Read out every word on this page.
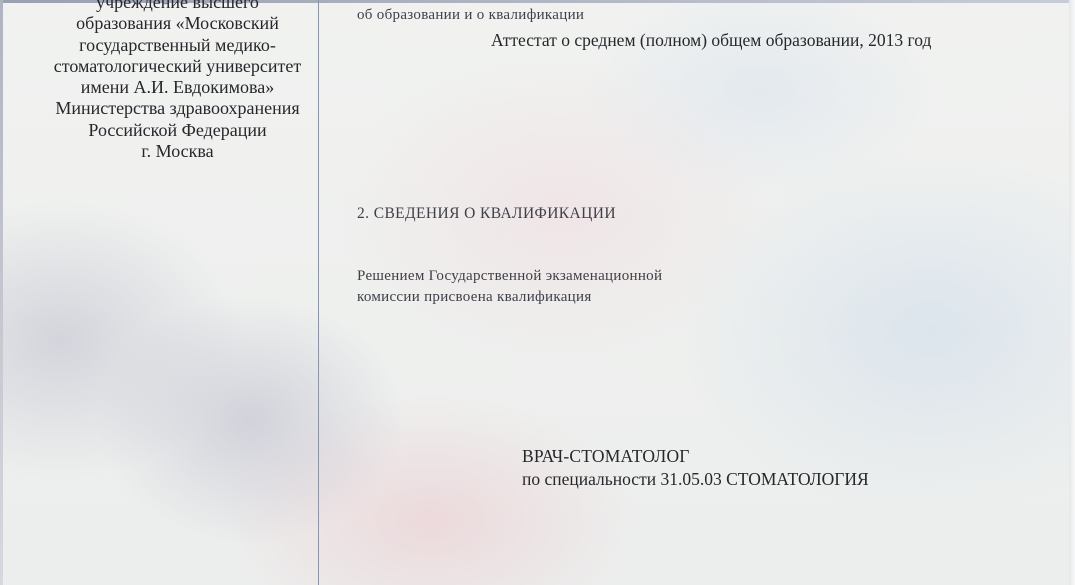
учреждение высшего
образования «Московский
государственный медико-
стоматологический университет
имени А.И. Евдокимова»
Министерства здравоохранения
Российской Федерации
г. Москва
об образовании и о квалификации
Аттестат о среднем (полном) общем образовании, 2013 год
2. СВЕДЕНИЯ О КВАЛИФИКАЦИИ
Решением Государственной экзаменационной
комиссии присвоена квалификация
ВРАЧ-СТОМАТОЛОГ
по специальности 31.05.03 СТОМАТОЛОГИЯ
